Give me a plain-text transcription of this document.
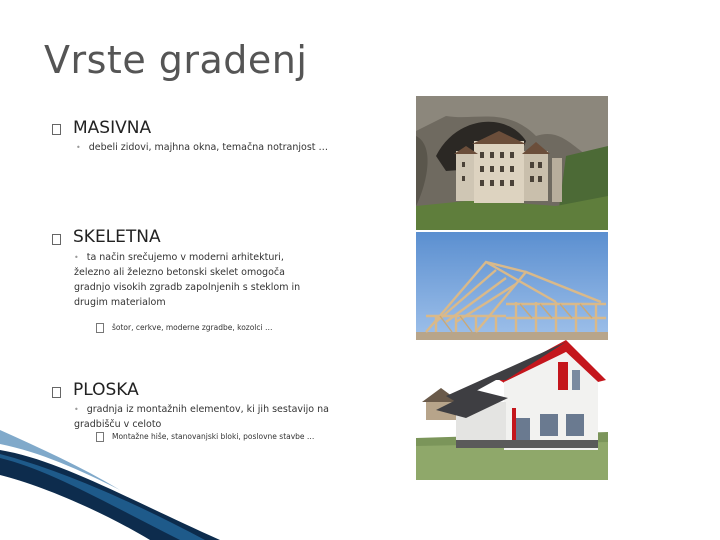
Vrste gradenj
MASIVNA
• debeli zidovi, majhna okna, temačna notranjost …
SKELETNA
• ta način srečujemo v moderni arhitekturi, železno ali železno betonski skelet omogoča gradnjo visokih zgradb zapolnjenih s steklom in drugim materialom
šotor, cerkve, moderne zgradbe, kozolci …
PLOSKA
• gradnja iz montažnih elementov, ki jih sestavijo na gradbišču v celoto
Montažne hiše, stanovanjski bloki, poslovne stavbe …
